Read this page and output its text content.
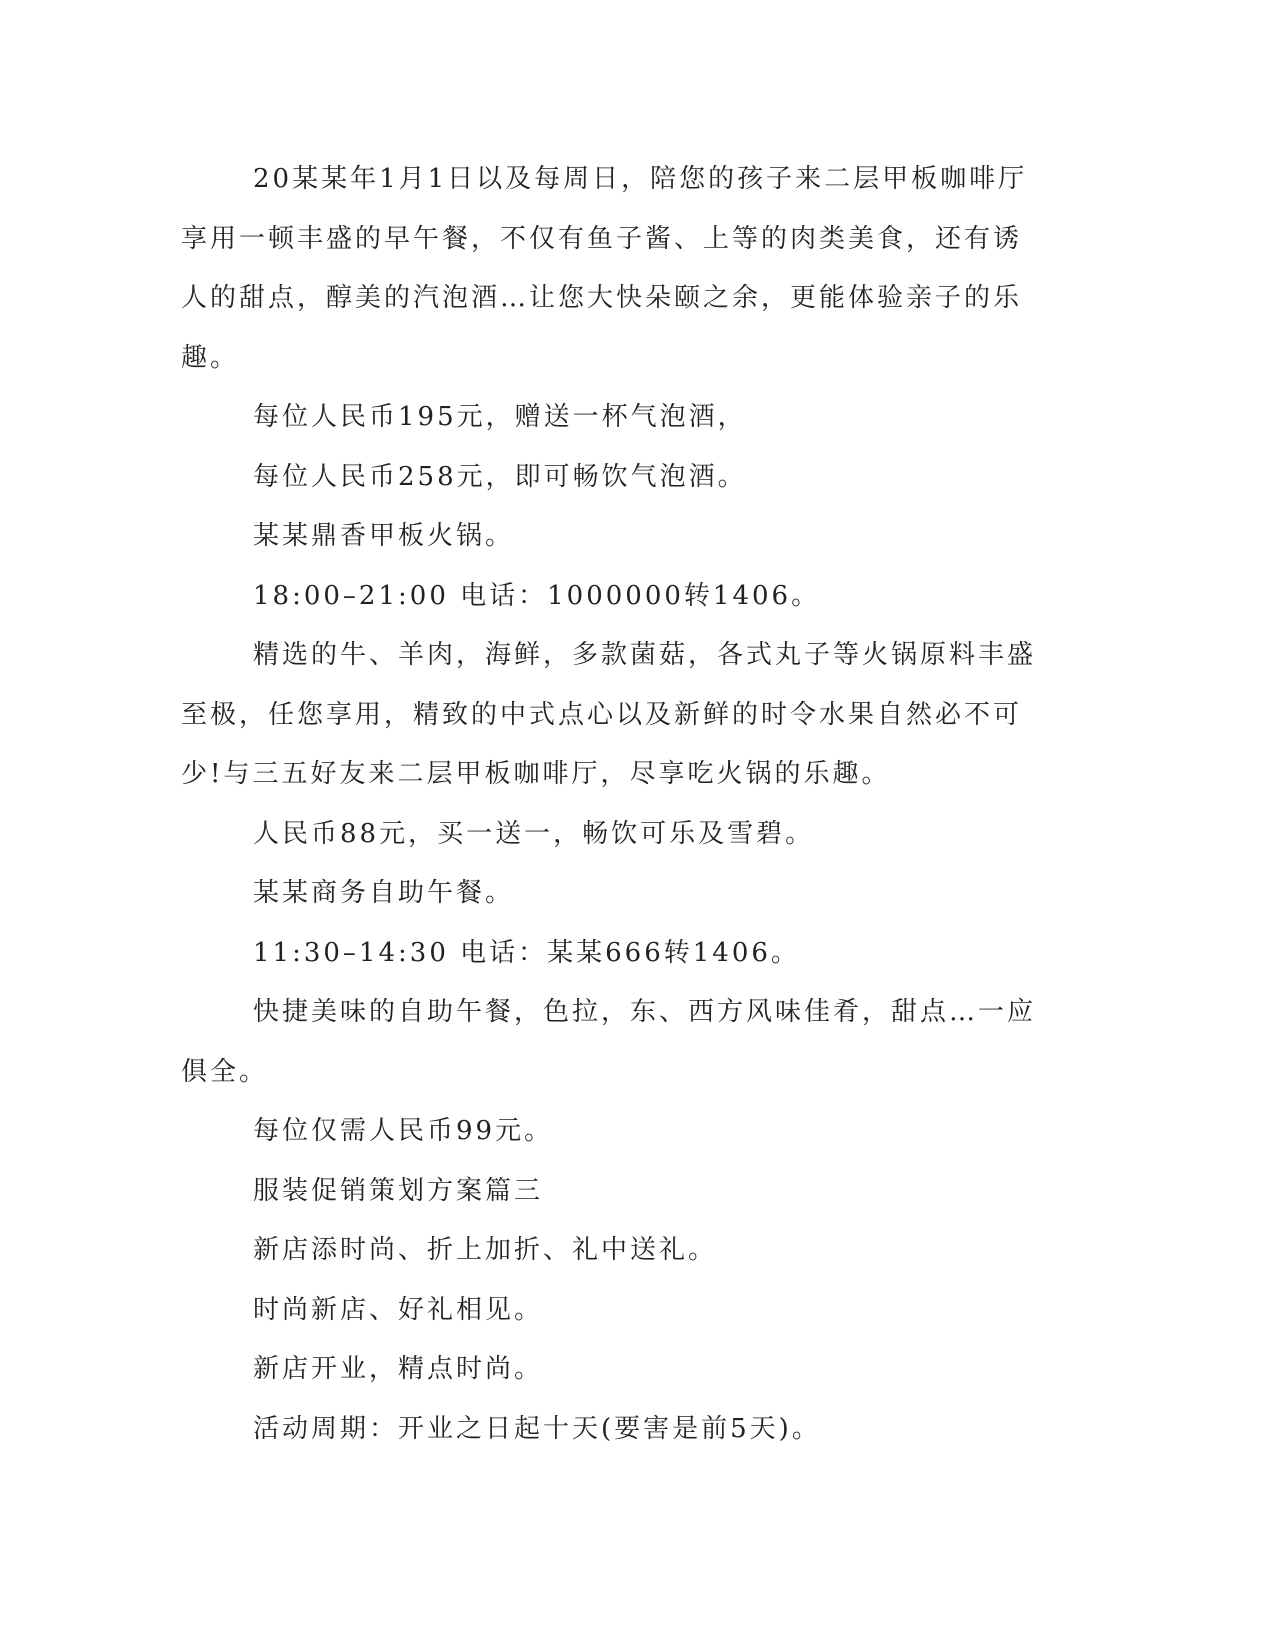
20某某年1月1日以及每周日，陪您的孩子来二层甲板咖啡厅享用一顿丰盛的早午餐，不仅有鱼子酱、上等的肉类美食，还有诱人的甜点，醇美的汽泡酒…让您大快朵颐之余，更能体验亲子的乐趣。

每位人民币195元，赠送一杯气泡酒，

每位人民币258元，即可畅饮气泡酒。

某某鼎香甲板火锅。

18:00–21:00 电话：1000000转1406。

精选的牛、羊肉，海鲜，多款菌菇，各式丸子等火锅原料丰盛至极，任您享用，精致的中式点心以及新鲜的时令水果自然必不可少!与三五好友来二层甲板咖啡厅，尽享吃火锅的乐趣。

人民币88元，买一送一，畅饮可乐及雪碧。

某某商务自助午餐。

11:30–14:30 电话：某某666转1406。

快捷美味的自助午餐，色拉，东、西方风味佳肴，甜点…一应俱全。

每位仅需人民币99元。

服装促销策划方案篇三

新店添时尚、折上加折、礼中送礼。

时尚新店、好礼相见。

新店开业，精点时尚。

活动周期：开业之日起十天(要害是前5天)。
